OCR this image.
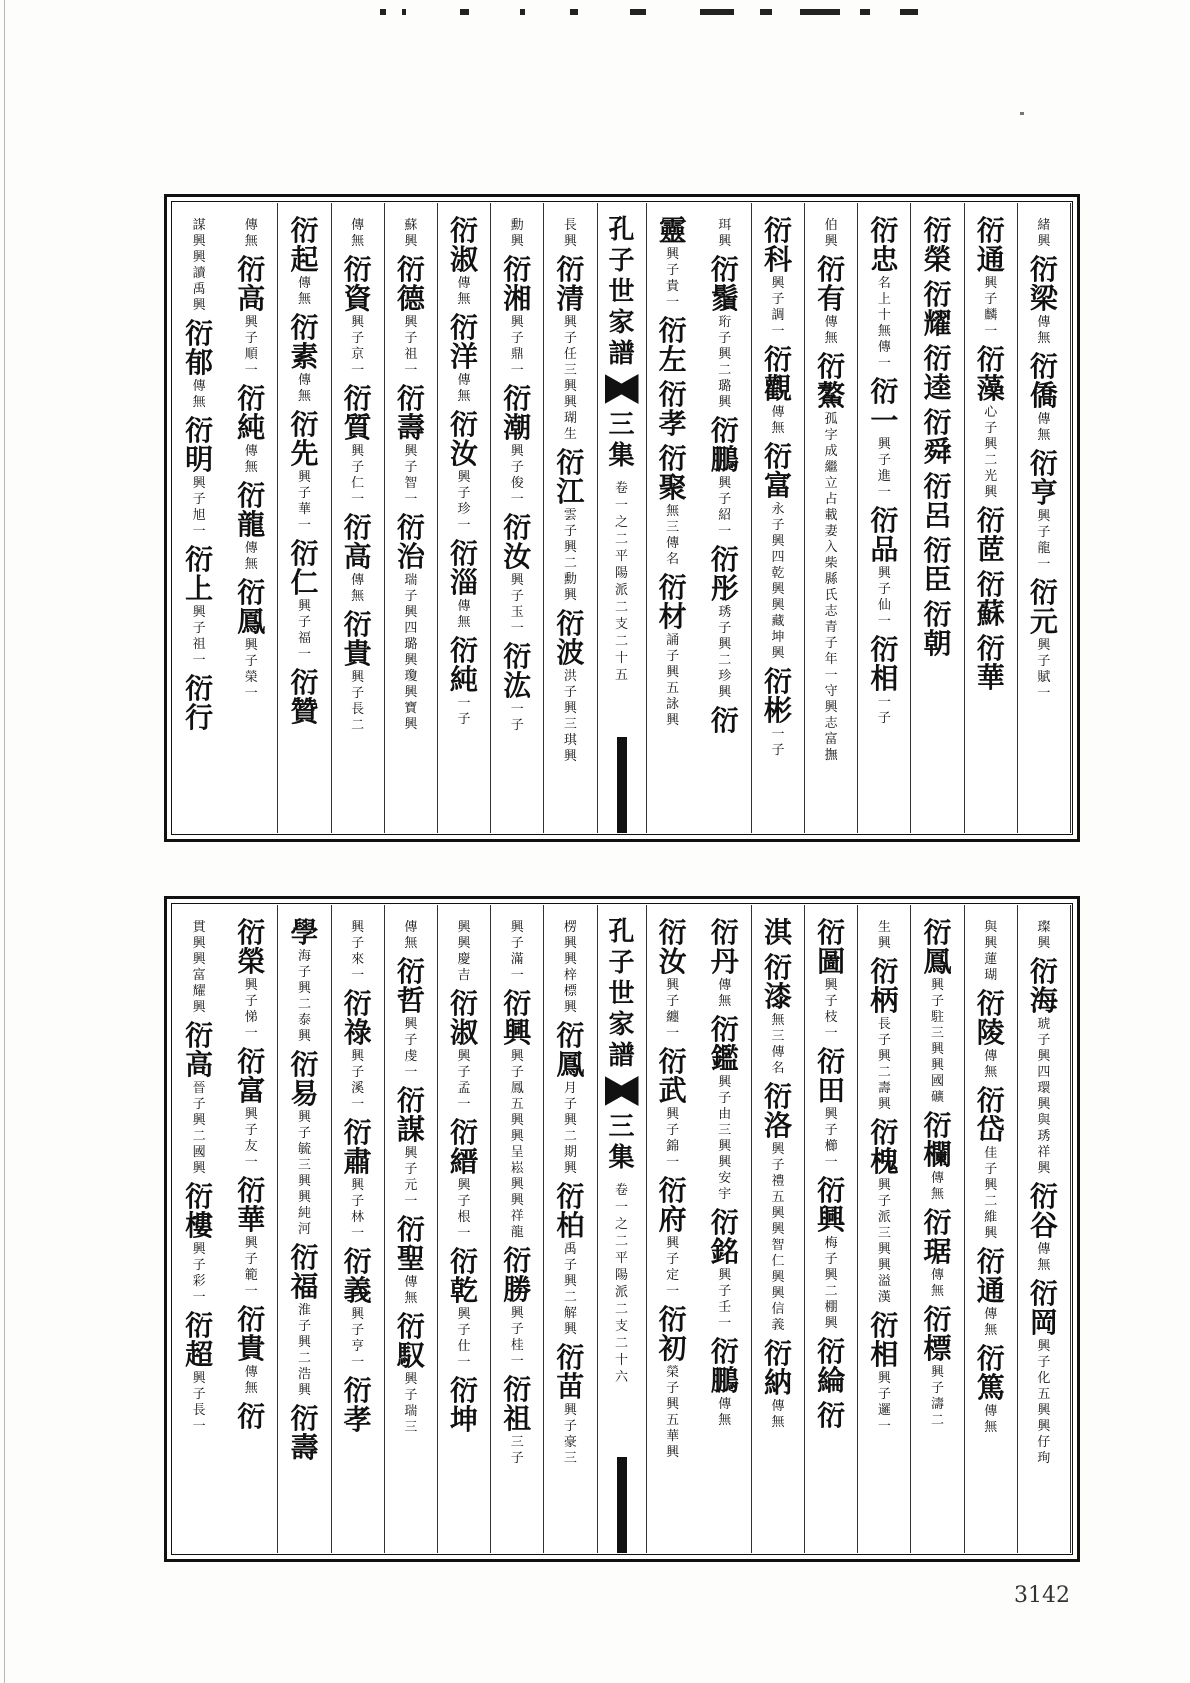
緒
興
衍
梁
傳
無
衍
僑
傳
無
衍
亨
興
子
龍
一
衍
元
興
子
賦
一
衍
通
興
子
麟
一
衍
藻
心
子
興
二
光
興
衍
茝
衍
蘇
衍
華
衍
榮
衍
耀
衍
逵
衍
舜
衍
呂
衍
臣
衍
朝
衍
忠
名
上
十
無
傳
一
衍
一
興
子
進
一
衍
品
興
子
仙
一
衍
相
一
子
伯
興
衍
有
傳
無
衍
鰲
孤
字
成
繼
立
占
載
妻
入
柴
縣
氏
志
青
子
年
一
守
興
志
富
撫
衍
科
興
子
調
一
衍
觀
傳
無
衍
富
永
子
興
四
乾
興
興
藏
坤
興
衍
彬
一
子
珥
興
衍
鬚
珩
子
興
二
璐
興
衍
鵬
興
子
紹
一
衍
彤
琇
子
興
二
珍
興
衍
靈
興
子
貴
一
衍
左
衍
孝
衍
聚
無
三
傳
名
衍
材
誦
子
興
五
詠
興
孔
子
世
家
譜
三
集
卷
一
之
二
平
陽
派
二
支
二
十
五
長
興
衍
清
興
子
任
三
興
興
瑚
生
衍
江
雲
子
興
二
勳
興
衍
波
洪
子
興
三
琪
興
勳
興
衍
湘
興
子
鼎
一
衍
潮
興
子
俊
一
衍
汝
興
子
玉
一
衍
汯
一
子
衍
淑
傳
無
衍
洋
傳
無
衍
汝
興
子
珍
一
衍
淄
傳
無
衍
純
一
子
蘇
興
衍
德
興
子
祖
一
衍
壽
興
子
智
一
衍
治
瑞
子
興
四
璐
興
瓊
興
寶
興
傳
無
衍
資
興
子
京
一
衍
質
興
子
仁
一
衍
高
傳
無
衍
貴
興
子
長
二
衍
起
傳
無
衍
素
傳
無
衍
先
興
子
華
一
衍
仁
興
子
福
一
衍
贊
傳
無
衍
高
興
子
順
一
衍
純
傳
無
衍
龍
傳
無
衍
鳳
興
子
榮
一
謀
興
興
讀
禹
興
衍
郁
傳
無
衍
明
興
子
旭
一
衍
上
興
子
祖
一
衍
行
璨
興
衍
海
琥
子
興
四
環
興
與
琇
祥
興
衍
谷
傳
無
衍
岡
興
子
化
五
興
興
仔
珣
與
興
蓮
瑚
衍
陵
傳
無
衍
岱
佳
子
興
二
維
興
衍
通
傳
無
衍
篤
傳
無
衍
鳳
興
子
駐
三
興
興
國
礦
衍
欄
傳
無
衍
琚
傳
無
衍
標
興
子
濤
二
生
興
衍
柄
長
子
興
二
壽
興
衍
槐
興
子
派
三
興
興
溢
漢
衍
相
興
子
邏
一
衍
圖
興
子
枝
一
衍
田
興
子
櫛
一
衍
興
梅
子
興
二
棚
興
衍
綸
衍
淇
衍
漆
無
三
傳
名
衍
洛
興
子
禮
五
興
興
智
仁
興
興
信
義
衍
納
傳
無
衍
丹
傳
無
衍
鑑
興
子
由
三
興
興
安
宇
衍
銘
興
子
壬
一
衍
鵬
傳
無
衍
汝
興
子
纏
一
衍
武
興
子
錦
一
衍
府
興
子
定
一
衍
初
榮
子
興
五
華
興
孔
子
世
家
譜
三
集
卷
一
之
二
平
陽
派
二
支
二
十
六
楞
興
興
梓
標
興
衍
鳳
月
子
興
二
期
興
衍
柏
禹
子
興
二
解
興
衍
苗
興
子
豪
三
興
子
滿
一
衍
興
興
子
鳳
五
興
興
呈
崧
興
興
祥
龍
衍
勝
興
子
桂
一
衍
祖
三
子
興
興
慶
吉
衍
淑
興
子
孟
一
衍
縉
興
子
根
一
衍
乾
興
子
仕
一
衍
坤
傳
無
衍
哲
興
子
虔
一
衍
謀
興
子
元
一
衍
聖
傳
無
衍
馭
興
子
瑞
三
興
子
來
一
衍
祿
興
子
溪
一
衍
肅
興
子
林
一
衍
義
興
子
亨
一
衍
孝
學
海
子
興
二
泰
興
衍
易
興
子
毓
三
興
興
純
河
衍
福
淮
子
興
二
浩
興
衍
壽
衍
榮
興
子
悌
一
衍
富
興
子
友
一
衍
華
興
子
範
一
衍
貴
傳
無
衍
貫
興
興
富
耀
興
衍
高
晉
子
興
二
國
興
衍
樓
興
子
彩
一
衍
超
興
子
長
一
3142
